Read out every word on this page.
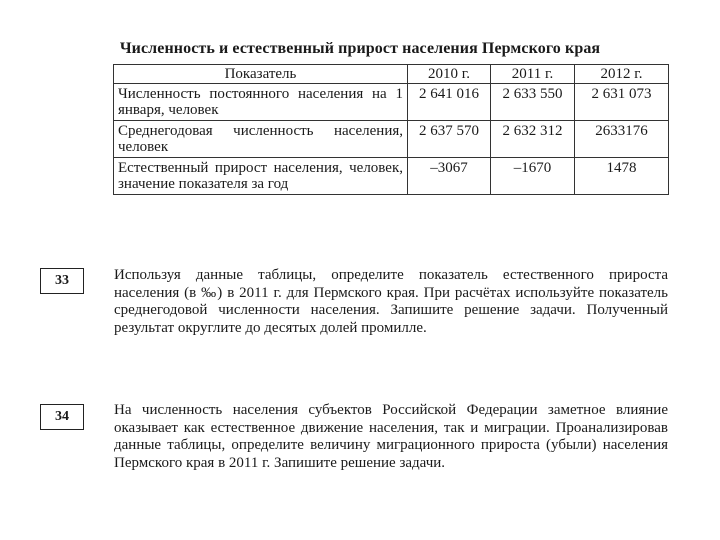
Численность и естественный прирост населения Пермского края
Показатель	2010 г.	2011 г.	2012 г.
Численность постоянного населения на 1 января, человек	2 641 016	2 633 550	2 631 073
Среднегодовая численность населения, человек	2 637 570	2 632 312	2633176
Естественный прирост населения, человек, значение показателя за год	–3067	–1670	1478
33	Используя данные таблицы, определите показатель естественного прироста населения (в ‰) в 2011 г. для Пермского края. При расчётах используйте показатель среднегодовой численности населения. Запишите решение задачи. Полученный результат округлите до десятых долей промилле.

34	На численность населения субъектов Российской Федерации заметное влияние оказывает как естественное движение населения, так и миграции. Проанализировав данные таблицы, определите величину миграционного прироста (убыли) населения Пермского края в 2011 г. Запишите решение задачи.
